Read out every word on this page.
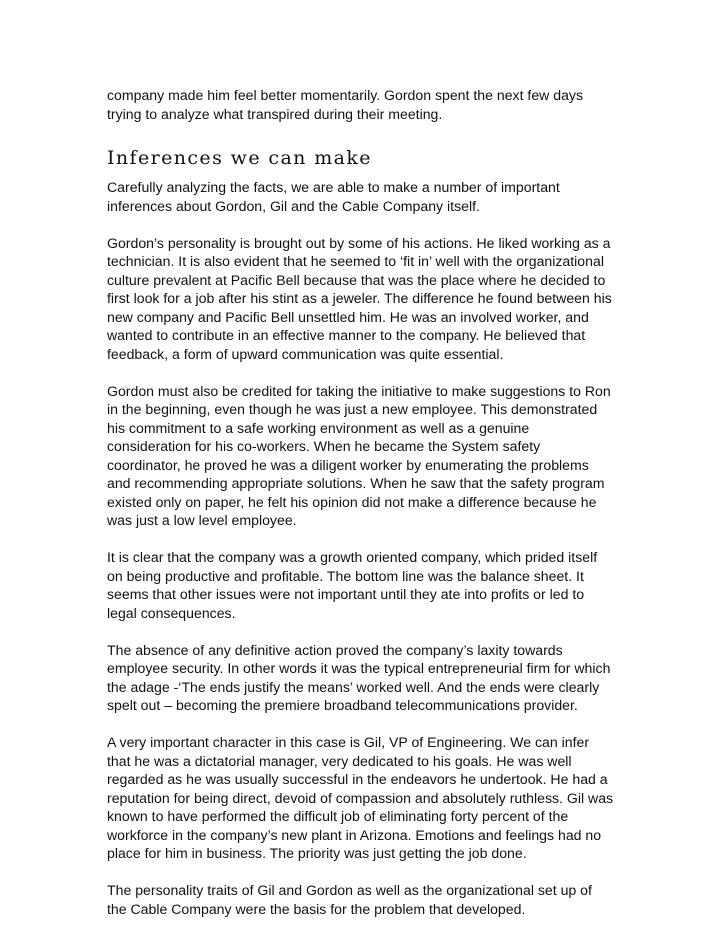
company made him feel better momentarily. Gordon spent the next few days
trying to analyze what transpired during their meeting.
Inferences we can make
Carefully analyzing the facts, we are able to make a number of important
inferences about Gordon, Gil and the Cable Company itself.
Gordon’s personality is brought out by some of his actions. He liked working as a
technician. It is also evident that he seemed to ‘fit in’ well with the organizational
culture prevalent at Pacific Bell because that was the place where he decided to
first look for a job after his stint as a jeweler. The difference he found between his
new company and Pacific Bell unsettled him. He was an involved worker, and
wanted to contribute in an effective manner to the company. He believed that
feedback, a form of upward communication was quite essential.
Gordon must also be credited for taking the initiative to make suggestions to Ron
in the beginning, even though he was just a new employee. This demonstrated
his commitment to a safe working environment as well as a genuine
consideration for his co-workers. When he became the System safety
coordinator, he proved he was a diligent worker by enumerating the problems
and recommending appropriate solutions. When he saw that the safety program
existed only on paper, he felt his opinion did not make a difference because he
was just a low level employee.
It is clear that the company was a growth oriented company, which prided itself
on being productive and profitable. The bottom line was the balance sheet. It
seems that other issues were not important until they ate into profits or led to
legal consequences.
The absence of any definitive action proved the company’s laxity towards
employee security. In other words it was the typical entrepreneurial firm for which
the adage -‘The ends justify the means’ worked well. And the ends were clearly
spelt out – becoming the premiere broadband telecommunications provider.
A very important character in this case is Gil, VP of Engineering. We can infer
that he was a dictatorial manager, very dedicated to his goals. He was well
regarded as he was usually successful in the endeavors he undertook. He had a
reputation for being direct, devoid of compassion and absolutely ruthless. Gil was
known to have performed the difficult job of eliminating forty percent of the
workforce in the company’s new plant in Arizona. Emotions and feelings had no
place for him in business. The priority was just getting the job done.
The personality traits of Gil and Gordon as well as the organizational set up of
the Cable Company were the basis for the problem that developed.
